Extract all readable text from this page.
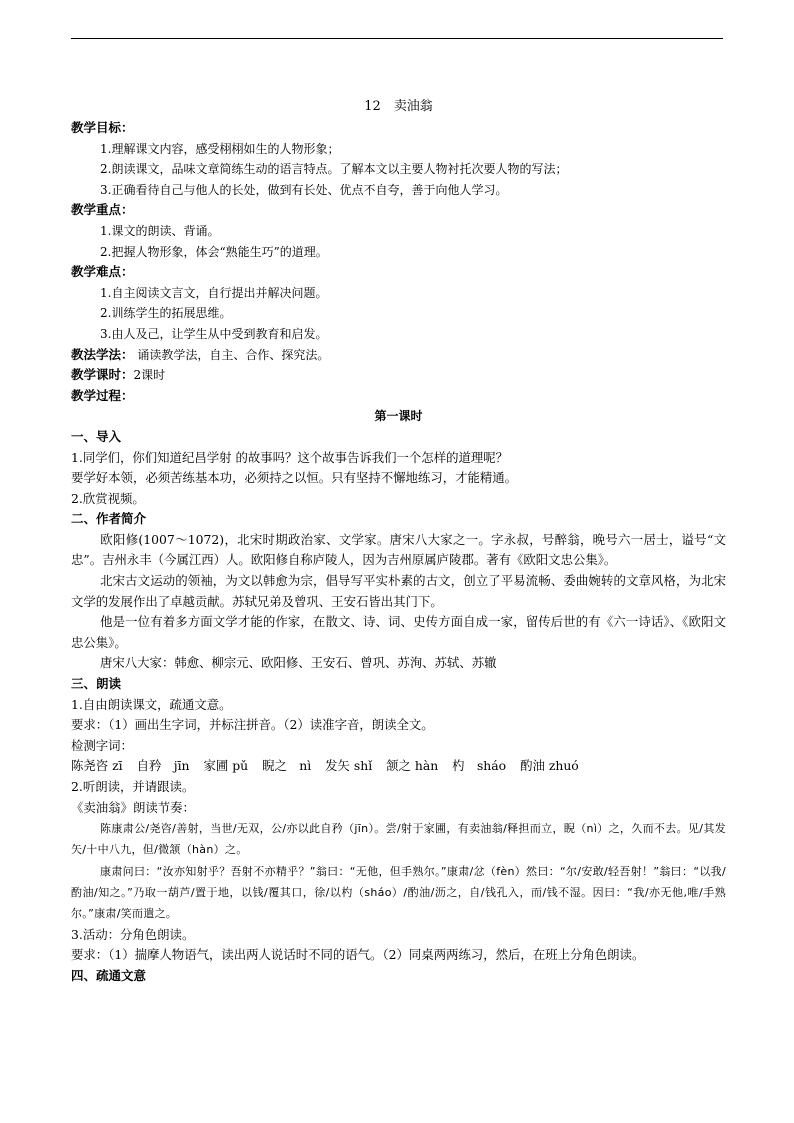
12　卖油翁
教学目标：
1.理解课文内容，感受栩栩如生的人物形象；
2.朗读课文，品味文章简练生动的语言特点。了解本文以主要人物衬托次要人物的写法；
3.正确看待自己与他人的长处，做到有长处、优点不自夸，善于向他人学习。
教学重点：
1.课文的朗读、背诵。
2.把握人物形象，体会“熟能生巧”的道理。
教学难点：
1.自主阅读文言文，自行提出并解决问题。
2.训练学生的拓展思维。
3.由人及己，让学生从中受到教育和启发。
教法学法： 诵读教学法，自主、合作、探究法。
教学课时：2课时
教学过程：
第一课时
一、导入
1.同学们，你们知道纪昌学射 的故事吗？这个故事告诉我们一个怎样的道理呢？
要学好本领，必须苦练基本功，必须持之以恒。只有坚持不懈地练习，才能精通。
2.欣赏视频。
二、作者简介
欧阳修(1007～1072)，北宋时期政治家、文学家。唐宋八大家之一。字永叔，号醉翁，晚号六一居士，谥号“文忠”。吉州永丰（今属江西）人。欧阳修自称庐陵人，因为吉州原属庐陵郡。著有《欧阳文忠公集》。
北宋古文运动的领袖，为文以韩愈为宗，倡导写平实朴素的古文，创立了平易流畅、委曲婉转的文章风格，为北宋文学的发展作出了卓越贡献。苏轼兄弟及曾巩、王安石皆出其门下。
他是一位有着多方面文学才能的作家，在散文、诗、词、史传方面自成一家，留传后世的有《六一诗话》、《欧阳文忠公集》。
唐宋八大家：韩愈、柳宗元、欧阳修、王安石、曾巩、苏洵、苏轼、苏辙
三、朗读
1.自由朗读课文，疏通文意。
要求：（1）画出生字词，并标注拼音。（2）读准字音，朗读全文。
检测字词：
陈尧咨 zī 自矜　jīn 家圃 pǔ 睨之　nì 发矢 shǐ 颔之 hàn 杓　sháo 酌油 zhuó
2.听朗读，并请跟读。
《卖油翁》朗读节奏：
陈康肃公/尧咨/善射，当世/无双，公/亦以此自矜（jīn）。尝/射于家圃，有卖油翁/释担而立，睨（nì）之，久而不去。见/其发矢/十中八九，但/微颔（hàn）之。
康肃问曰：“汝亦知射乎？吾射不亦精乎？”翁曰：“无他，但手熟尔。”康肃/忿（fèn）然曰：“尔/安敢/轻吾射！”翁曰：“以我/酌油/知之。”乃取一葫芦/置于地，以钱/覆其口，徐/以杓（sháo）/酌油/沥之，自/钱孔入，而/钱不湿。因曰：“我/亦无他,唯/手熟尔。”康肃/笑而遣之。
3.活动：分角色朗读。
要求：（1）揣摩人物语气，读出两人说话时不同的语气。（2）同桌两两练习，然后，在班上分角色朗读。
四、疏通文意
